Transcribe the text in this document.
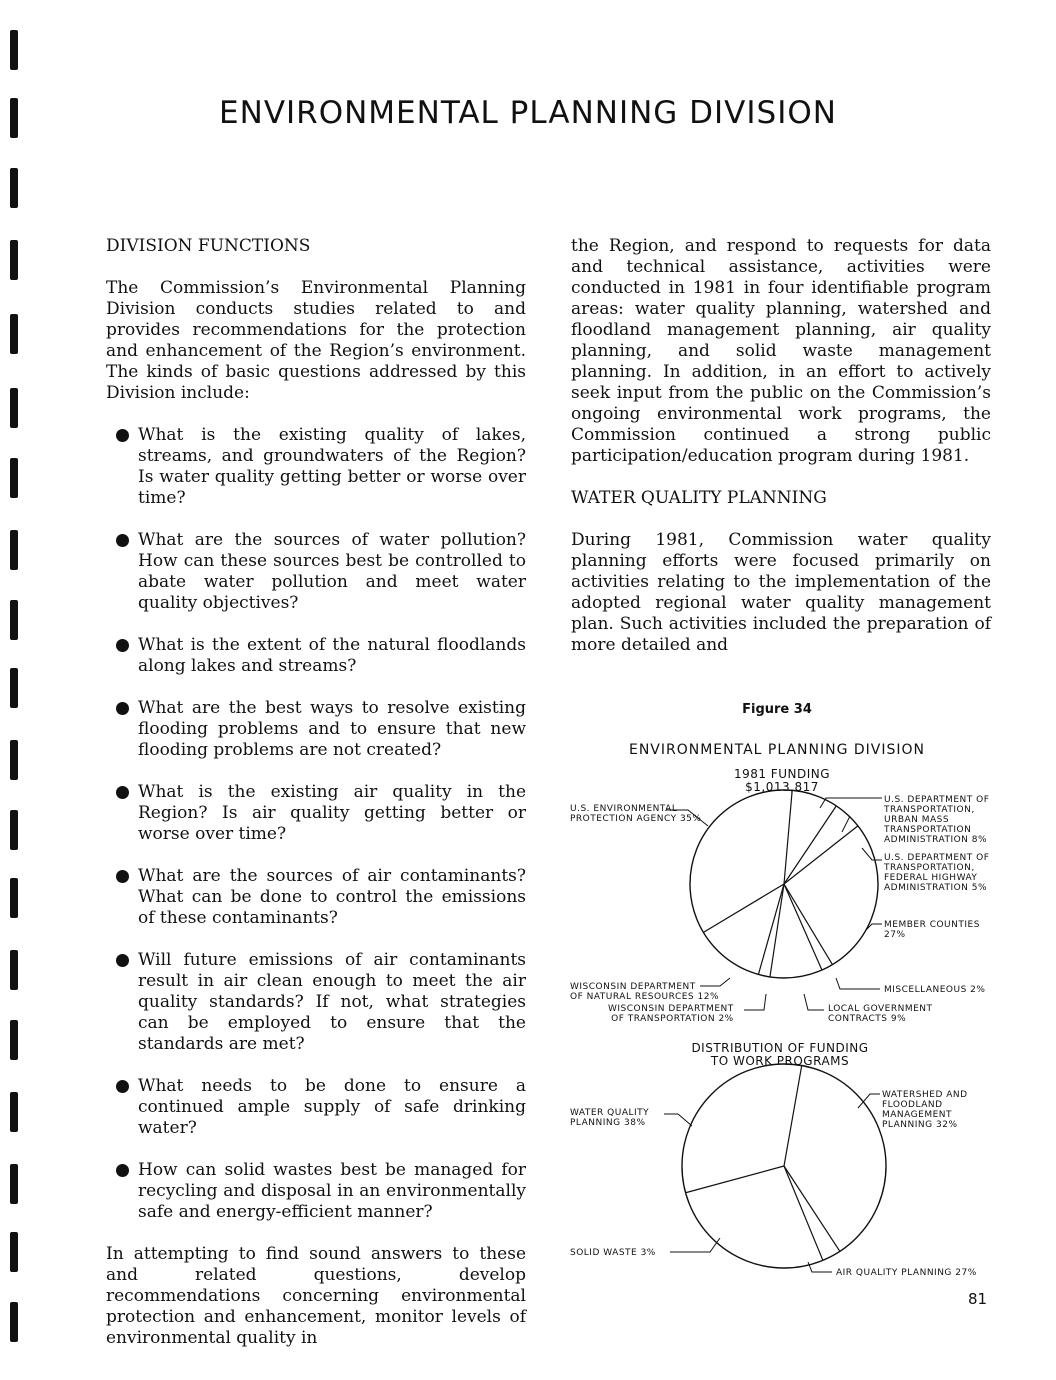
ENVIRONMENTAL PLANNING DIVISION
DIVISION FUNCTIONS

The Commission’s Environmental Planning Division conducts studies related to and provides recommendations for the protection and enhancement of the Region’s environment. The kinds of basic questions addressed by this Division include:

What is the existing quality of lakes, streams, and groundwaters of the Region? Is water quality getting better or worse over time?
What are the sources of water pollution? How can these sources best be controlled to abate water pollution and meet water quality objectives?
What is the extent of the natural floodlands along lakes and streams?
What are the best ways to resolve existing flooding problems and to ensure that new flooding problems are not created?
What is the existing air quality in the Region? Is air quality getting better or worse over time?
What are the sources of air contaminants? What can be done to control the emissions of these contaminants?
Will future emissions of air contaminants result in air clean enough to meet the air quality standards? If not, what strategies can be employed to ensure that the standards are met?
What needs to be done to ensure a continued ample supply of safe drinking water?
How can solid wastes best be managed for recycling and disposal in an environmentally safe and energy-efficient manner?

In attempting to find sound answers to these and related questions, develop recommendations concerning environmental protection and enhancement, monitor levels of environmental quality in

the Region, and respond to requests for data and technical assistance, activities were conducted in 1981 in four identifiable program areas: water quality planning, watershed and floodland management planning, air quality planning, and solid waste management planning. In addition, in an effort to actively seek input from the public on the Commission’s ongoing environmental work programs, the Commission continued a strong public participation/education program during 1981.

WATER QUALITY PLANNING

During 1981, Commission water quality planning efforts were focused primarily on activities relating to the implementation of the adopted regional water quality management plan. Such activities included the preparation of more detailed and

Figure 34
ENVIRONMENTAL PLANNING DIVISION
1981 FUNDING
$1,013,817
U.S. ENVIRONMENTAL
PROTECTION AGENCY 35%
U.S. DEPARTMENT OF
TRANSPORTATION,
URBAN MASS
TRANSPORTATION
ADMINISTRATION 8%
U.S. DEPARTMENT OF
TRANSPORTATION,
FEDERAL HIGHWAY
ADMINISTRATION 5%
MEMBER COUNTIES
27%
MISCELLANEOUS 2%
LOCAL GOVERNMENT
CONTRACTS 9%
WISCONSIN DEPARTMENT
OF NATURAL RESOURCES 12%
WISCONSIN DEPARTMENT
OF TRANSPORTATION 2%
DISTRIBUTION OF FUNDING
TO WORK PROGRAMS
WATER QUALITY
PLANNING 38%
WATERSHED AND
FLOODLAND
MANAGEMENT
PLANNING 32%
SOLID WASTE 3%
AIR QUALITY PLANNING 27%
81
